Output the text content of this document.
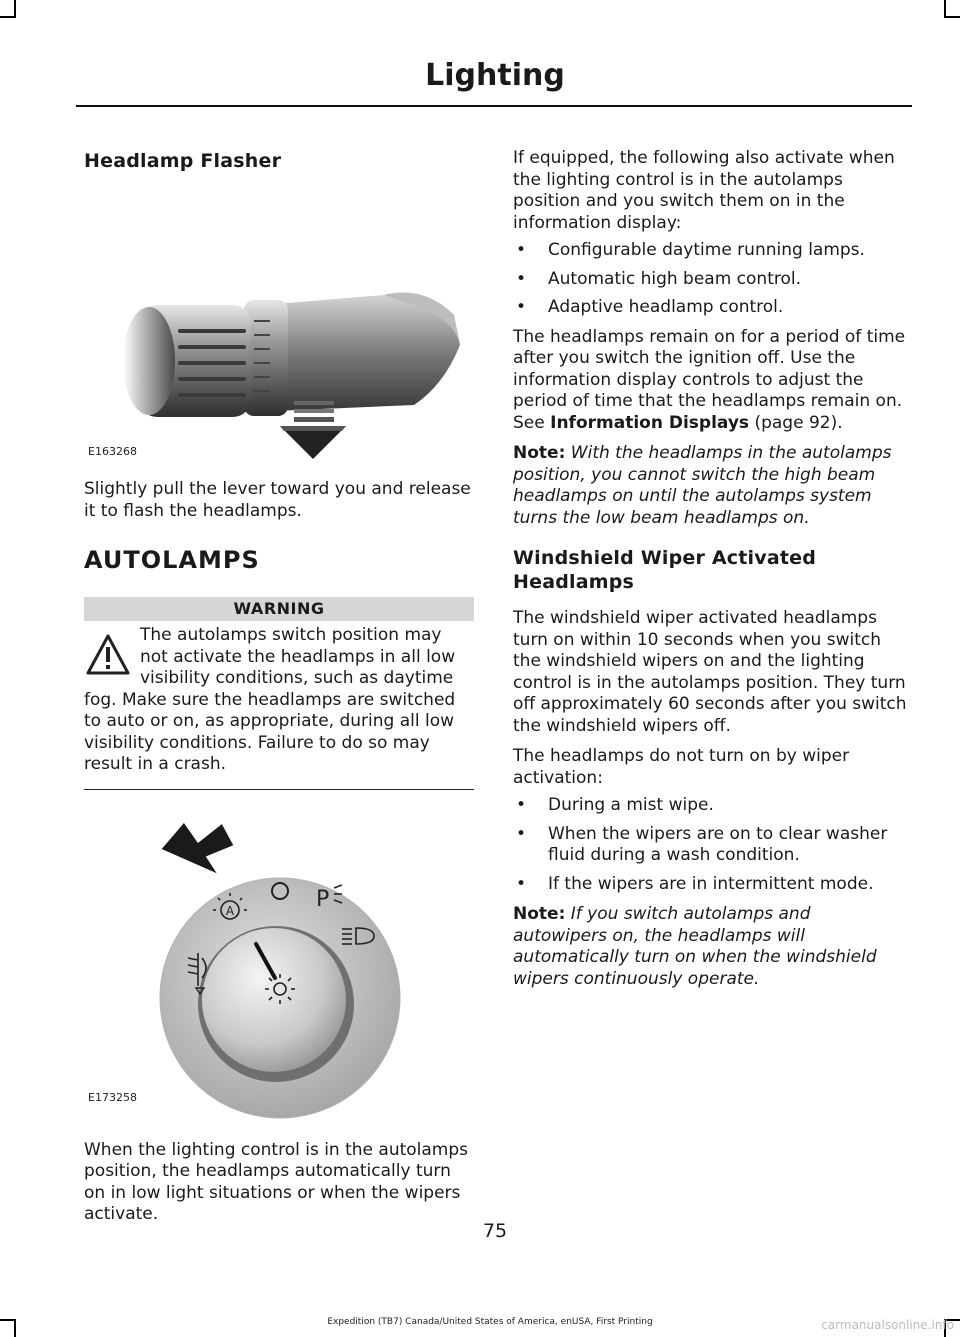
Lighting
Headlamp Flasher
E163268

Slightly pull the lever toward you and release it to flash the headlamps.

AUTOLAMPS
WARNING
The autolamps switch position may not activate the headlamps in all low visibility conditions, such as daytime fog. Make sure the headlamps are switched to auto or on, as appropriate, during all low visibility conditions. Failure to do so may result in a crash.
A	P
E173258

When the lighting control is in the autolamps position, the headlamps automatically turn on in low light situations or when the wipers activate.

If equipped, the following also activate when the lighting control is in the autolamps position and you switch them on in the information display:

• Configurable daytime running lamps.
• Automatic high beam control.
• Adaptive headlamp control.

The headlamps remain on for a period of time after you switch the ignition off. Use the information display controls to adjust the period of time that the headlamps remain on. See Information Displays (page 92).

Note: With the headlamps in the autolamps position, you cannot switch the high beam headlamps on until the autolamps system turns the low beam headlamps on.

Windshield Wiper Activated
Headlamps

The windshield wiper activated headlamps turn on within 10 seconds when you switch the windshield wipers on and the lighting control is in the autolamps position. They turn off approximately 60 seconds after you switch the windshield wipers off.

The headlamps do not turn on by wiper activation:

• During a mist wipe.
• When the wipers are on to clear washer fluid during a wash condition.
• If the wipers are in intermittent mode.

Note: If you switch autolamps and autowipers on, the headlamps will automatically turn on when the windshield wipers continuously operate.

75
Expedition (TB7) Canada/United States of America, enUSA, First Printing	carmanualsonline.info
